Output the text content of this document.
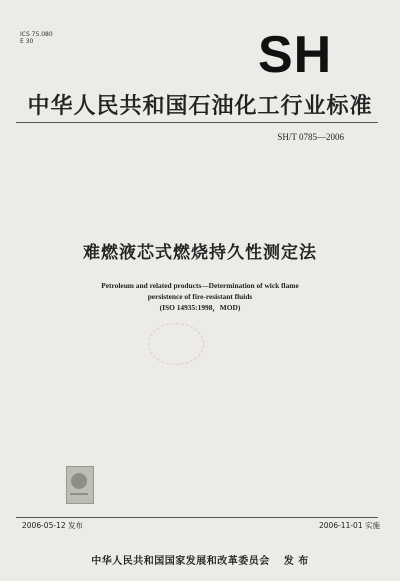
ICS 75.080
E 30	SH
中华人民共和国石油化工行业标准
SH/T 0785—2006
难燃液芯式燃烧持久性测定法
Petroleum and related products—Determination of wick flame
persistence of fire-resistant fluids
(ISO 14935:1998，MOD)
2006-05-12 发布	2006-11-01 实施
中华人民共和国国家发展和改革委员会 发 布
